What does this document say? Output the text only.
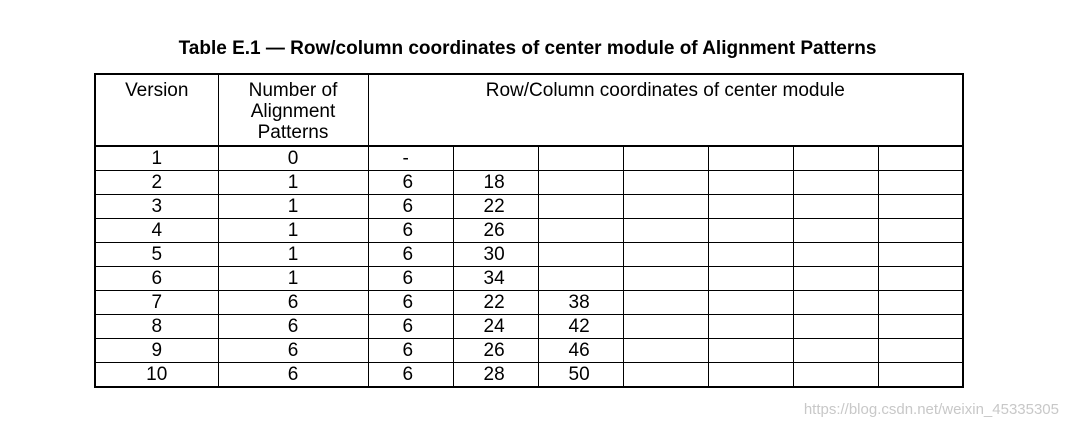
Table E.1 — Row/column coordinates of center module of Alignment Patterns
Version	Number of Alignment Patterns	Row/Column coordinates of center module						
1	0	-						
2	1	6	18					
3	1	6	22					
4	1	6	26					
5	1	6	30					
6	1	6	34					
7	6	6	22	38				
8	6	6	24	42				
9	6	6	26	46				
10	6	6	28	50				
https://blog.csdn.net/weixin_45335305
